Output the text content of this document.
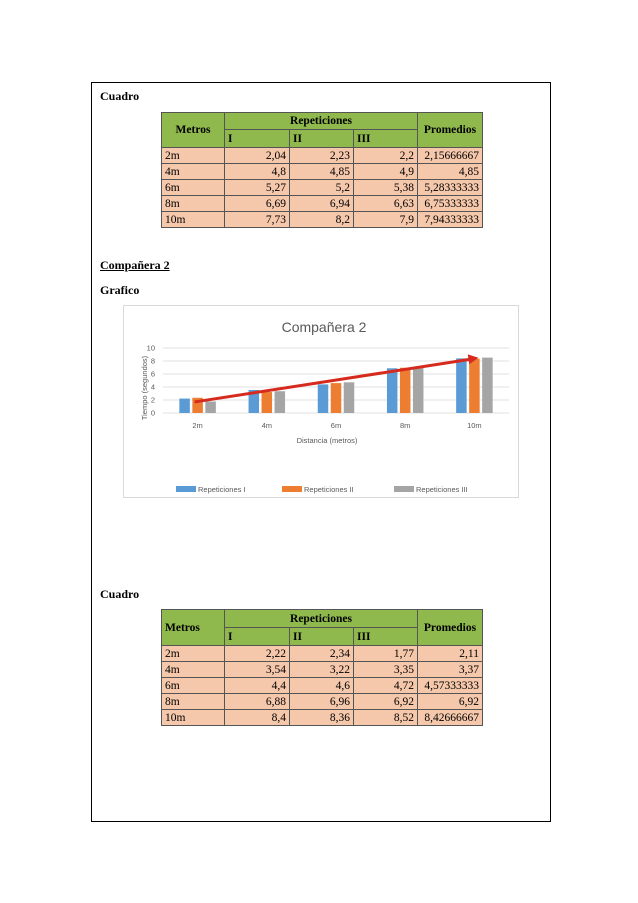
Cuadro
Metros	Repeticiones			Promedios
	I	II	III	
2m	2,04	2,23	2,2	2,15666667
4m	4,8	4,85	4,9	4,85
6m	5,27	5,2	5,38	5,28333333
8m	6,69	6,94	6,63	6,75333333
10m	7,73	8,2	7,9	7,94333333
Compañera 2
Grafico
Compañera 2
0
2
4
6
8
10
2m	4m	6m	8m	10m
Tiempo (segundos)
Distancia (metros)
Repeticiones I	Repeticiones II	Repeticiones III
Cuadro
Metros	Repeticiones			Promedios
	I	II	III	
2m	2,22	2,34	1,77	2,11
4m	3,54	3,22	3,35	3,37
6m	4,4	4,6	4,72	4,57333333
8m	6,88	6,96	6,92	6,92
10m	8,4	8,36	8,52	8,42666667
